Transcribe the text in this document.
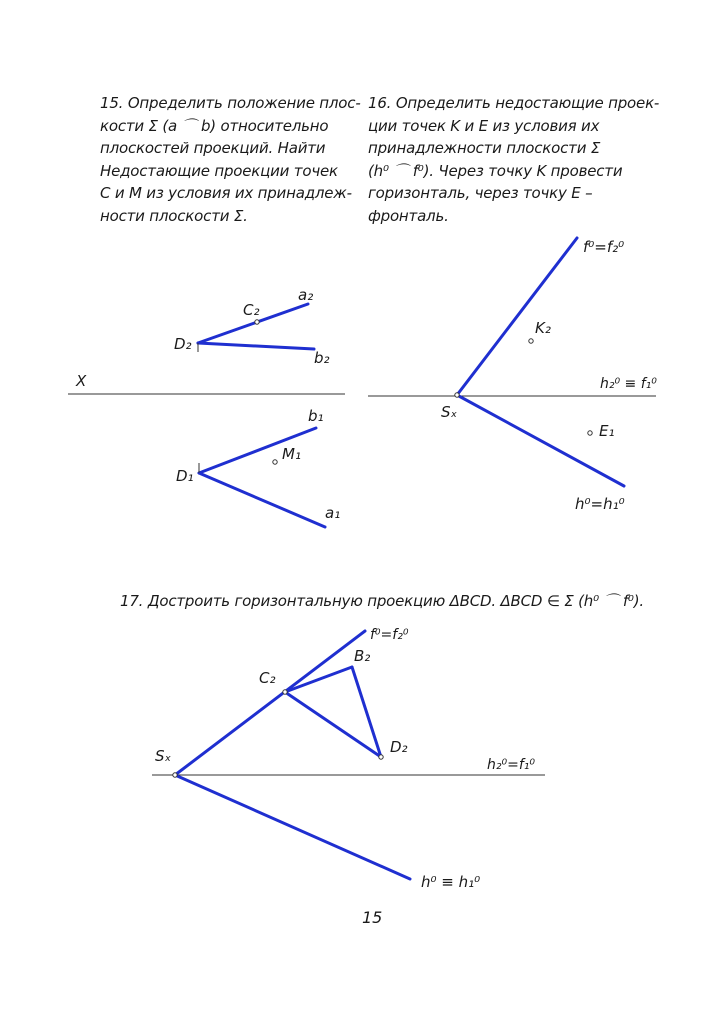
15. Определить положение плос-
кости Σ (a ⌒ b) относительно
плоскостей проекций. Найти
Недостающие проекции точек
C и M из условия их принадлеж-
ности плоскости Σ.
16. Определить недостающие проек-
ции точек K и E из условия их
принадлежности плоскости Σ
(h⁰ ⌒ f⁰). Через точку K провести
горизонталь, через точку E –
фронталь.
17. Достроить горизонтальную проекцию ΔBCD. ΔBCD ∈ Σ (h⁰ ⌒ f⁰).
X
a₂
C₂
D₂
b₂
b₁
M₁
D₁
a₁
f⁰=f₂⁰
K₂
h₂⁰ ≡ f₁⁰
Sₓ
E₁
h⁰=h₁⁰
f⁰=f₂⁰
B₂
C₂
D₂
Sₓ	h₂⁰=f₁⁰
h⁰ ≡ h₁⁰
15
